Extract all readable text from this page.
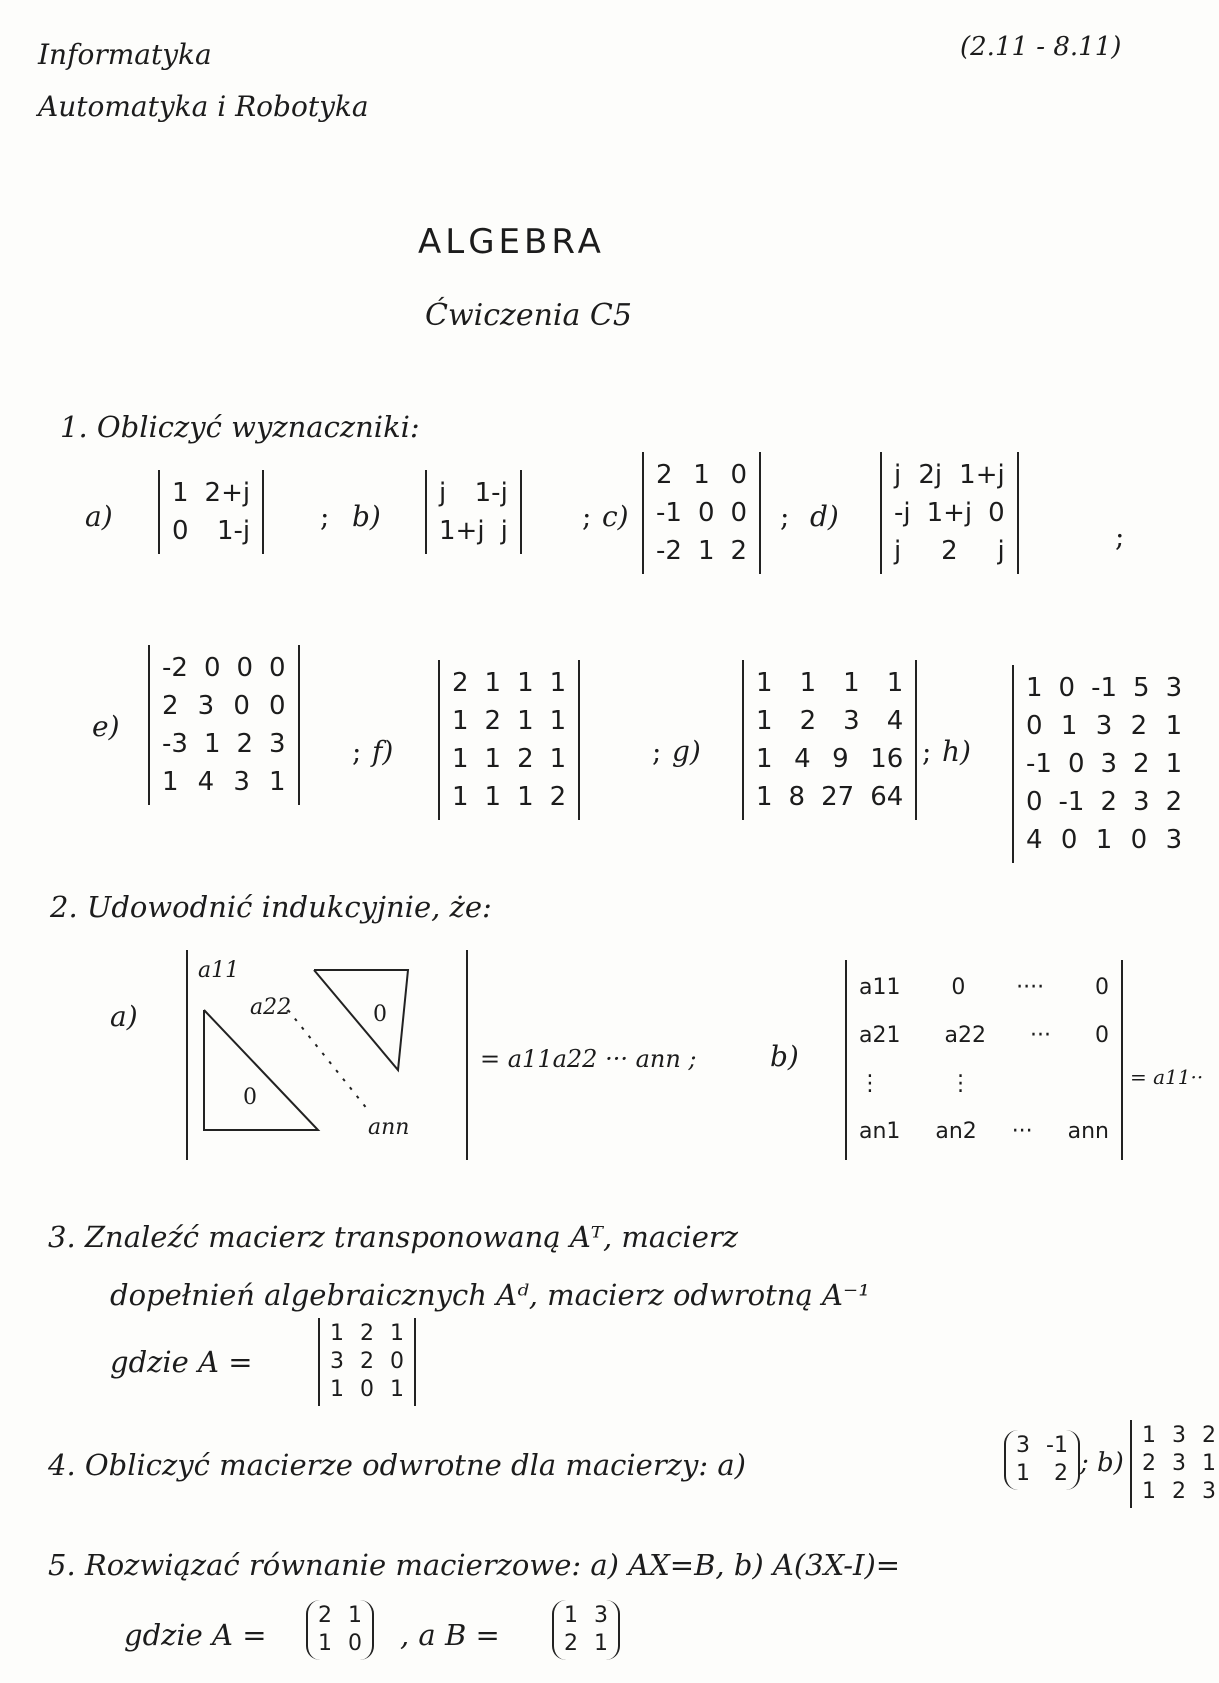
Informatyka
Automatyka i Robotyka
(2.11 - 8.11)
ALGEBRA
Ćwiczenia C5
1. Obliczyć wyznaczniki:
a)
1 2+j
0 1-j ; b)
j 1-j
1+j j	; c)
2 1 0
-1 0 0
-2 1 2
; d)
j 2j 1+j
-j 1+j 0
j 2 j	;
e)
-2 0 0 0
2 3 0 0
-3 1 2 3
1 4 3 1
; f)
2 1 1 1
1 2 1 1
1 1 2 1
1 1 1 2
; g)
1 1 1 1
1 2 3 4
1 4 9 16
1 8 27 64
; h)
1 0 -1 5 3
0 1 3 2 1
-1 0 3 2 1
0 -1 2 3 2
4 0 1 0 3
2. Udowodnić indukcyjnie, że:
a)
a11
a22
ann
0
0
= a11a22 ··· ann ;	b)
a11 0 ···· 0
a21 a22 ··· 0
⋮	⋮
an1 an2 ··· ann
= a11··
3. Znaleźć macierz transponowaną Aᵀ, macierz
dopełnień algebraicznych Aᵈ, macierz odwrotną A⁻¹
gdzie A =
1 2 1
3 2 0
1 0 1
4. Obliczyć macierze odwrotne dla macierzy: a)
3 -1
1 2 ; b)
1 3 2
2 3 1
1 2 3
5. Rozwiązać równanie macierzowe: a) AX=B, b) A(3X-I)=
gdzie A =
2 1
1 0 , a B =
1 3
2 1
